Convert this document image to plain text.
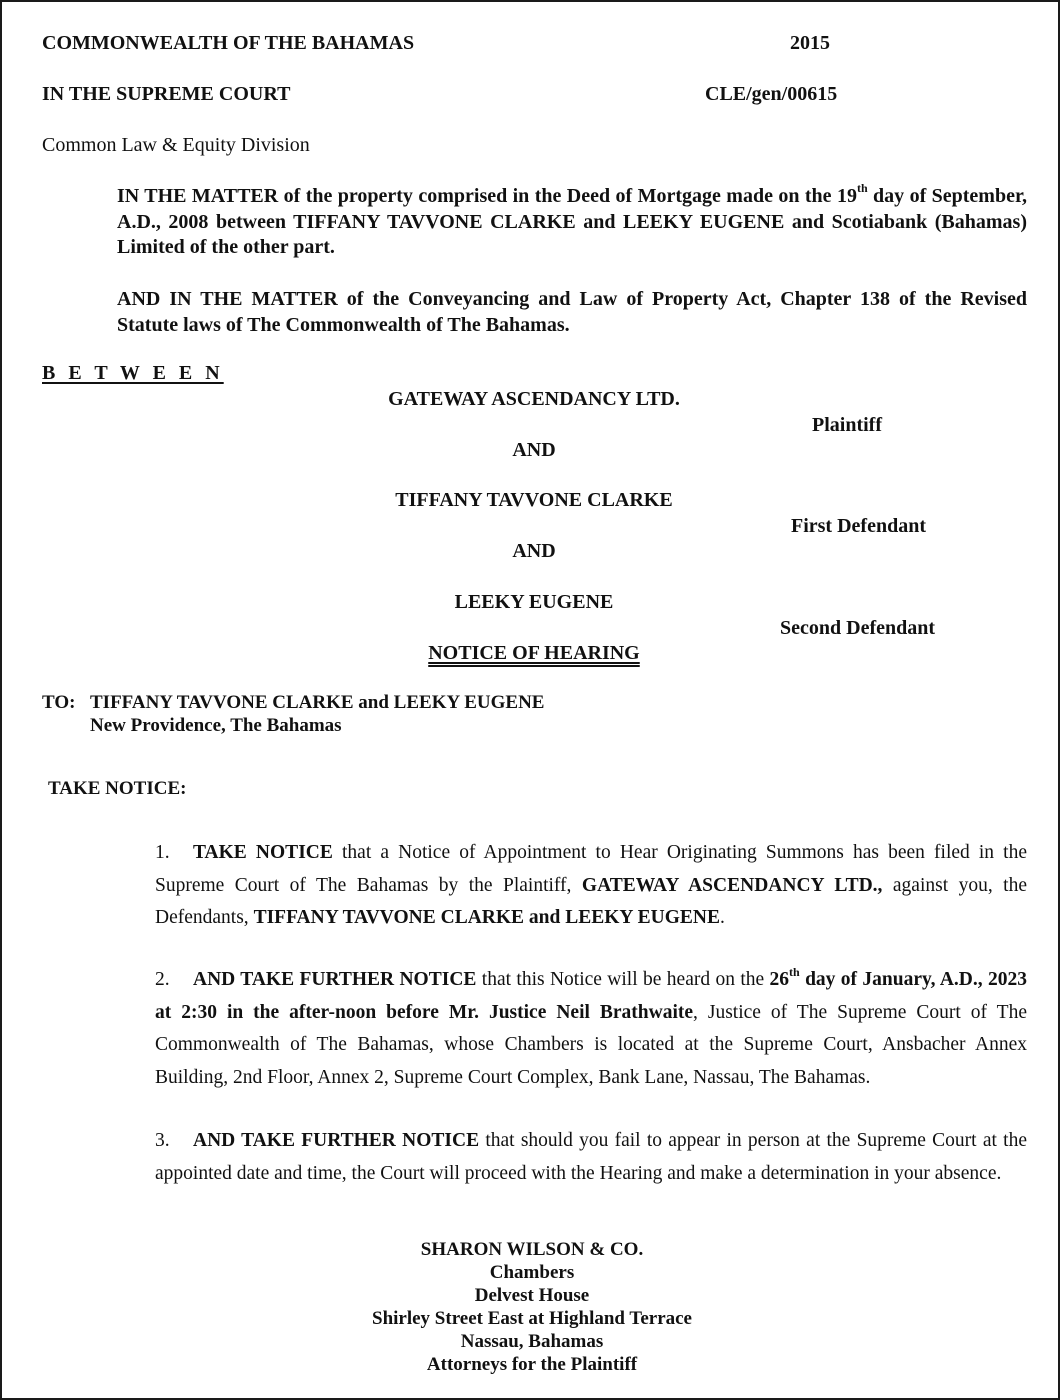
COMMONWEALTH OF THE BAHAMAS	2015
IN THE SUPREME COURT	CLE/gen/00615
Common Law & Equity Division
IN THE MATTER of the property comprised in the Deed of Mortgage made on the 19th day of September, A.D., 2008 between TIFFANY TAVVONE CLARKE and LEEKY EUGENE and Scotiabank (Bahamas) Limited of the other part.
AND IN THE MATTER of the Conveyancing and Law of Property Act, Chapter 138 of the Revised Statute laws of The Commonwealth of The Bahamas.
B E T W E E N
GATEWAY ASCENDANCY LTD.
Plaintiff
AND
TIFFANY TAVVONE CLARKE
First Defendant
AND
LEEKY EUGENE
Second Defendant
NOTICE OF HEARING
TO: TIFFANY TAVVONE CLARKE and LEEKY EUGENE
New Providence, The Bahamas
TAKE NOTICE:
1. TAKE NOTICE that a Notice of Appointment to Hear Originating Summons has been filed in the Supreme Court of The Bahamas by the Plaintiff, GATEWAY ASCENDANCY LTD., against you, the Defendants, TIFFANY TAVVONE CLARKE and LEEKY EUGENE.
2. AND TAKE FURTHER NOTICE that this Notice will be heard on the 26th day of January, A.D., 2023 at 2:30 in the after-noon before Mr. Justice Neil Brathwaite, Justice of The Supreme Court of The Commonwealth of The Bahamas, whose Chambers is located at the Supreme Court, Ansbacher Annex Building, 2nd Floor, Annex 2, Supreme Court Complex, Bank Lane, Nassau, The Bahamas.
3. AND TAKE FURTHER NOTICE that should you fail to appear in person at the Supreme Court at the appointed date and time, the Court will proceed with the Hearing and make a determination in your absence.
SHARON WILSON & CO.
Chambers
Delvest House
Shirley Street East at Highland Terrace
Nassau, Bahamas
Attorneys for the Plaintiff
